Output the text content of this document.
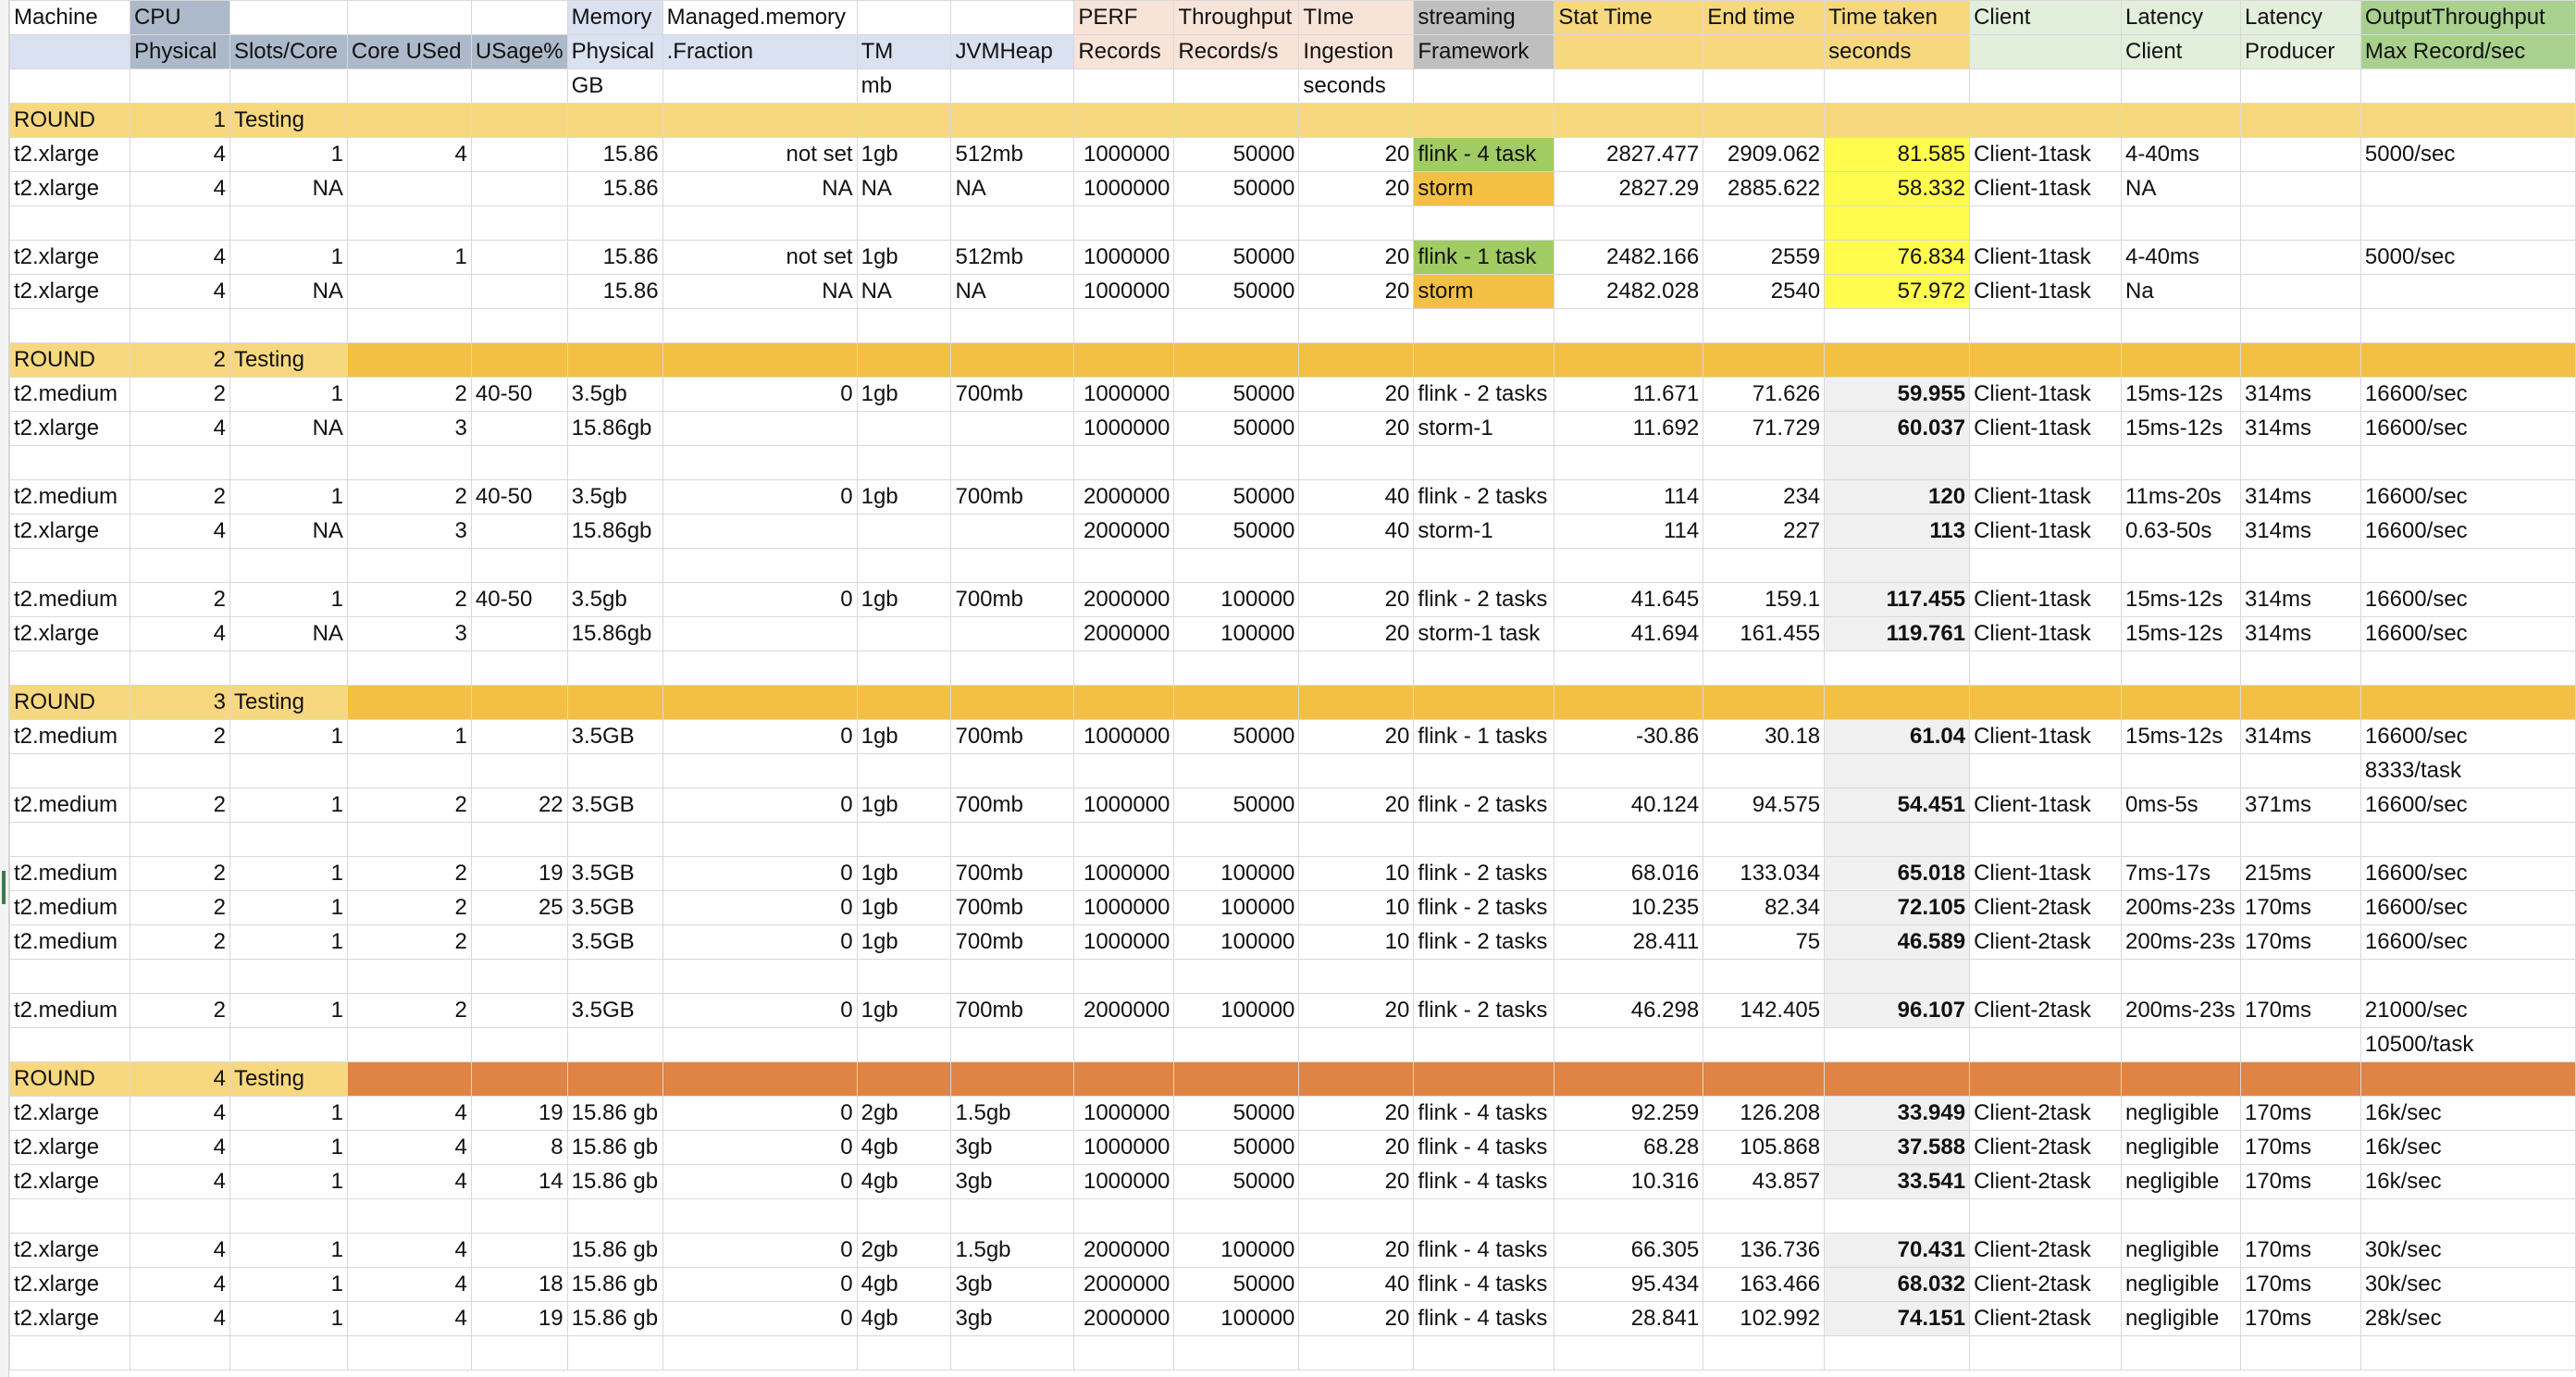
Machine	CPU				Memory	Managed.memory			PERF	Throughput	TIme	streaming	Stat Time	End time	Time taken	Client	Latency	Latency	OutputThroughput
	Physical	Slots/Core	Core USed	USage%	Physical	.Fraction	TM	JVMHeap	Records	Records/s	Ingestion	Framework			seconds		Client	Producer	Max Record/sec
					GB		mb				seconds								
ROUND	1	Testing																	
t2.xlarge	4	1	4		15.86	not set	1gb	512mb	1000000	50000	20	flink - 4 task	2827.477	2909.062	81.585	Client-1task	4-40ms		5000/sec
t2.xlarge	4	NA			15.86	NA	NA	NA	1000000	50000	20	storm	2827.29	2885.622	58.332	Client-1task	NA		

t2.xlarge	4	1	1		15.86	not set	1gb	512mb	1000000	50000	20	flink - 1 task	2482.166	2559	76.834	Client-1task	4-40ms		5000/sec
t2.xlarge	4	NA			15.86	NA	NA	NA	1000000	50000	20	storm	2482.028	2540	57.972	Client-1task	Na		

ROUND	2	Testing																	
t2.medium	2	1	2	40-50	3.5gb	0	1gb	700mb	1000000	50000	20	flink - 2 tasks	11.671	71.626	59.955	Client-1task	15ms-12s	314ms	16600/sec
t2.xlarge	4	NA	3		15.86gb				1000000	50000	20	storm-1	11.692	71.729	60.037	Client-1task	15ms-12s	314ms	16600/sec

t2.medium	2	1	2	40-50	3.5gb	0	1gb	700mb	2000000	50000	40	flink - 2 tasks	114	234	120	Client-1task	11ms-20s	314ms	16600/sec
t2.xlarge	4	NA	3		15.86gb				2000000	50000	40	storm-1	114	227	113	Client-1task	0.63-50s	314ms	16600/sec

t2.medium	2	1	2	40-50	3.5gb	0	1gb	700mb	2000000	100000	20	flink - 2 tasks	41.645	159.1	117.455	Client-1task	15ms-12s	314ms	16600/sec
t2.xlarge	4	NA	3		15.86gb				2000000	100000	20	storm-1 task	41.694	161.455	119.761	Client-1task	15ms-12s	314ms	16600/sec

ROUND	3	Testing																	
t2.medium	2	1	1		3.5GB	0	1gb	700mb	1000000	50000	20	flink - 1 tasks	-30.86	30.18	61.04	Client-1task	15ms-12s	314ms	16600/sec
																			8333/task
t2.medium	2	1	2	22	3.5GB	0	1gb	700mb	1000000	50000	20	flink - 2 tasks	40.124	94.575	54.451	Client-1task	0ms-5s	371ms	16600/sec

t2.medium	2	1	2	19	3.5GB	0	1gb	700mb	1000000	100000	10	flink - 2 tasks	68.016	133.034	65.018	Client-1task	7ms-17s	215ms	16600/sec
t2.medium	2	1	2	25	3.5GB	0	1gb	700mb	1000000	100000	10	flink - 2 tasks	10.235	82.34	72.105	Client-2task	200ms-23s	170ms	16600/sec
t2.medium	2	1	2		3.5GB	0	1gb	700mb	1000000	100000	10	flink - 2 tasks	28.411	75	46.589	Client-2task	200ms-23s	170ms	16600/sec

t2.medium	2	1	2		3.5GB	0	1gb	700mb	2000000	100000	20	flink - 2 tasks	46.298	142.405	96.107	Client-2task	200ms-23s	170ms	21000/sec
																			10500/task
ROUND	4	Testing																	
t2.xlarge	4	1	4	19	15.86 gb	0	2gb	1.5gb	1000000	50000	20	flink - 4 tasks	92.259	126.208	33.949	Client-2task	negligible	170ms	16k/sec
t2.xlarge	4	1	4	8	15.86 gb	0	4gb	3gb	1000000	50000	20	flink - 4 tasks	68.28	105.868	37.588	Client-2task	negligible	170ms	16k/sec
t2.xlarge	4	1	4	14	15.86 gb	0	4gb	3gb	1000000	50000	20	flink - 4 tasks	10.316	43.857	33.541	Client-2task	negligible	170ms	16k/sec

t2.xlarge	4	1	4		15.86 gb	0	2gb	1.5gb	2000000	100000	20	flink - 4 tasks	66.305	136.736	70.431	Client-2task	negligible	170ms	30k/sec
t2.xlarge	4	1	4	18	15.86 gb	0	4gb	3gb	2000000	50000	40	flink - 4 tasks	95.434	163.466	68.032	Client-2task	negligible	170ms	30k/sec
t2.xlarge	4	1	4	19	15.86 gb	0	4gb	3gb	2000000	100000	20	flink - 4 tasks	28.841	102.992	74.151	Client-2task	negligible	170ms	28k/sec
